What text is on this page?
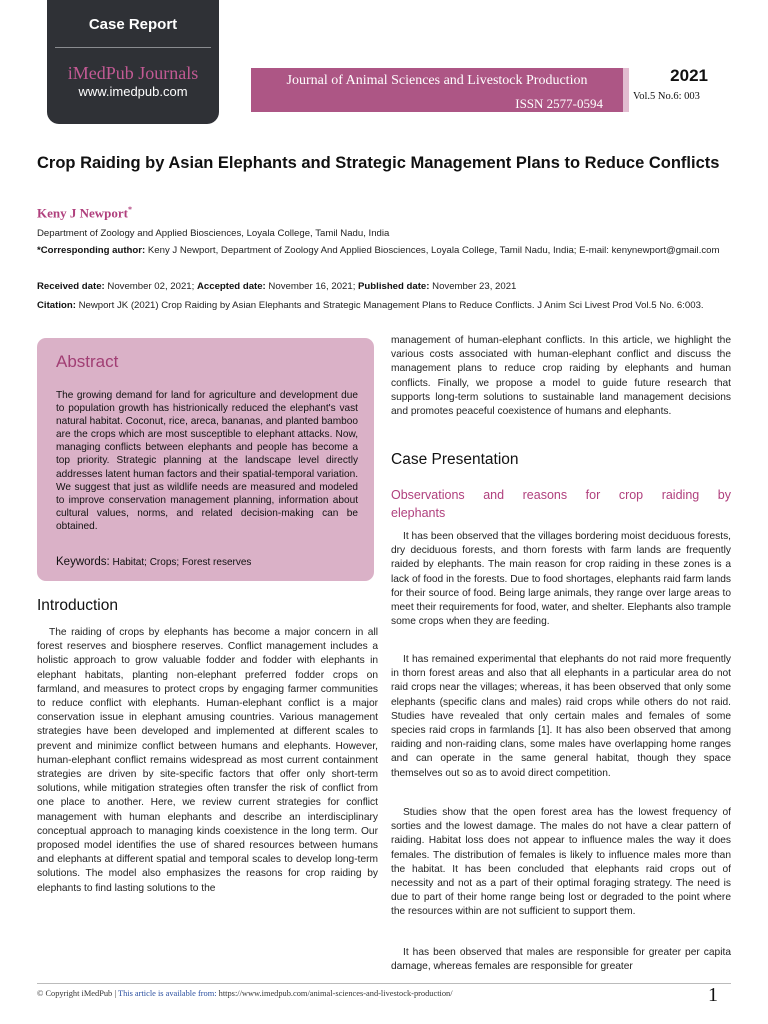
Case Report
iMedPub Journals
www.imedpub.com
Journal of Animal Sciences and Livestock Production
ISSN 2577-0594
2021
Vol.5 No.6: 003
Crop Raiding by Asian Elephants and Strategic Management Plans to Reduce Conflicts
Keny J Newport*
Department of Zoology and Applied Biosciences, Loyala College, Tamil Nadu, India
*Corresponding author: Keny J Newport, Department of Zoology And Applied Biosciences, Loyala College, Tamil Nadu, India; E-mail: kenynewport@gmail.com
Received date: November 02, 2021; Accepted date: November 16, 2021; Published date: November 23, 2021
Citation: Newport JK (2021) Crop Raiding by Asian Elephants and Strategic Management Plans to Reduce Conflicts. J Anim Sci Livest Prod Vol.5 No. 6:003.
Abstract
The growing demand for land for agriculture and development due to population growth has histrionically reduced the elephant's vast natural habitat. Coconut, rice, areca, bananas, and planted bamboo are the crops which are most susceptible to elephant attacks. Now, managing conflicts between elephants and people has become a top priority. Strategic planning at the landscape level directly addresses latent human factors and their spatial-temporal variation. We suggest that just as wildlife needs are measured and modeled to improve conservation management planning, information about cultural values, norms, and related decision-making can be obtained.
Keywords: Habitat; Crops; Forest reserves
Introduction
The raiding of crops by elephants has become a major concern in all forest reserves and biosphere reserves. Conflict management includes a holistic approach to grow valuable fodder and fodder with elephants in elephant habitats, planting non-elephant preferred fodder crops on farmland, and measures to protect crops by engaging farmer communities to reduce conflict with elephants. Human-elephant conflict is a major conservation issue in elephant amusing countries. Various management strategies have been developed and implemented at different scales to prevent and minimize conflict between humans and elephants. However, human-elephant conflict remains widespread as most current containment strategies are driven by site-specific factors that offer only short-term solutions, while mitigation strategies often transfer the risk of conflict from one place to another. Here, we review current strategies for conflict management with human elephants and describe an interdisciplinary conceptual approach to managing kinds coexistence in the long term. Our proposed model identifies the use of shared resources between humans and elephants at different spatial and temporal scales to develop long-term solutions. The model also emphasizes the reasons for crop raiding by elephants to find lasting solutions to the
management of human-elephant conflicts. In this article, we highlight the various costs associated with human-elephant conflict and discuss the management plans to reduce crop raiding by elephants and human conflicts. Finally, we propose a model to guide future research that supports long-term solutions to sustainable land management decisions and promotes peaceful coexistence of humans and elephants.
Case Presentation
Observations and reasons for crop raiding by elephants
It has been observed that the villages bordering moist deciduous forests, dry deciduous forests, and thorn forests with farm lands are frequently raided by elephants. The main reason for crop raiding in these zones is a lack of food in the forests. Due to food shortages, elephants raid farm lands for their source of food. Being large animals, they range over large areas to meet their requirements for food, water, and shelter. Elephants also trample some crops when they are feeding.
It has remained experimental that elephants do not raid more frequently in thorn forest areas and also that all elephants in a particular area do not raid crops near the villages; whereas, it has been observed that only some elephants (specific clans and males) raid crops while others do not raid. Studies have revealed that only certain males and females of some species raid crops in farmlands [1]. It has also been observed that among raiding and non-raiding clans, some males have overlapping home ranges and can operate in the same general habitat, though they space themselves out so as to avoid direct competition.
Studies show that the open forest area has the lowest frequency of sorties and the lowest damage. The males do not have a clear pattern of raiding. Habitat loss does not appear to influence males the way it does females. The distribution of females is likely to influence males more than the habitat. It has been concluded that elephants raid crops out of necessity and not as a part of their optimal foraging strategy. The need is due to part of their home range being lost or degraded to the point where the resources within are not sufficient to support them.
It has been observed that males are responsible for greater per capita damage, whereas females are responsible for greater
© Copyright iMedPub | This article is available from: https://www.imedpub.com/animal-sciences-and-livestock-production/	1
